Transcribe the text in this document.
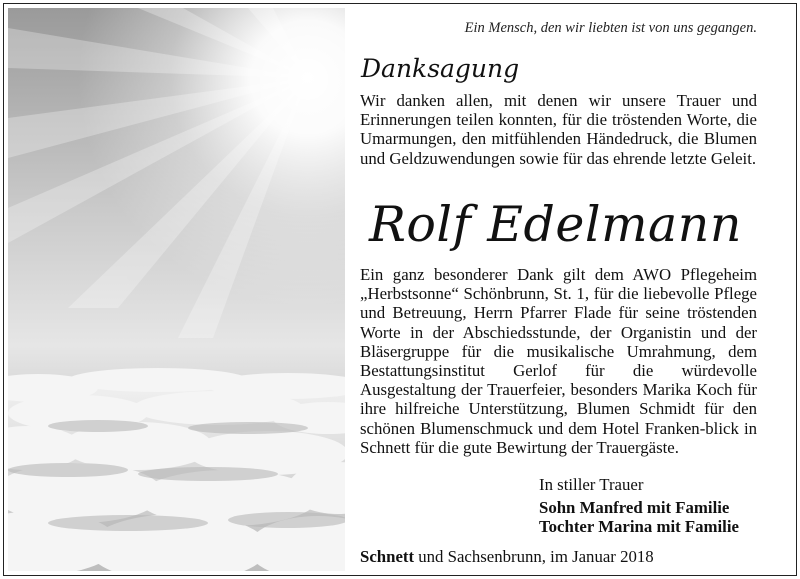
Ein Mensch, den wir liebten ist von uns gegangen.
Danksagung
Wir danken allen, mit denen wir unsere Trauer und Erinnerungen teilen konnten, für die tröstenden Worte, die Umarmungen, den mitfühlenden Händedruck, die Blumen und Geldzuwendungen sowie für das ehrende letzte Geleit.
Rolf Edelmann
Ein ganz besonderer Dank gilt dem AWO Pflegeheim „Herbstsonne“ Schönbrunn, St. 1, für die liebevolle Pflege und Betreuung, Herrn Pfarrer Flade für seine tröstenden Worte in der Abschiedsstunde, der Organistin und der Bläsergruppe für die musikalische Umrahmung, dem Bestattungsinstitut Gerlof für die würdevolle Ausgestaltung der Trauerfeier, besonders Marika Koch für ihre hilfreiche Unterstützung, Blumen Schmidt für den schönen Blumenschmuck und dem Hotel Franken-blick in Schnett für die gute Bewirtung der Trauergäste.
In stiller Trauer
Sohn Manfred mit Familie
Tochter Marina mit Familie
Schnett und Sachsenbrunn, im Januar 2018
